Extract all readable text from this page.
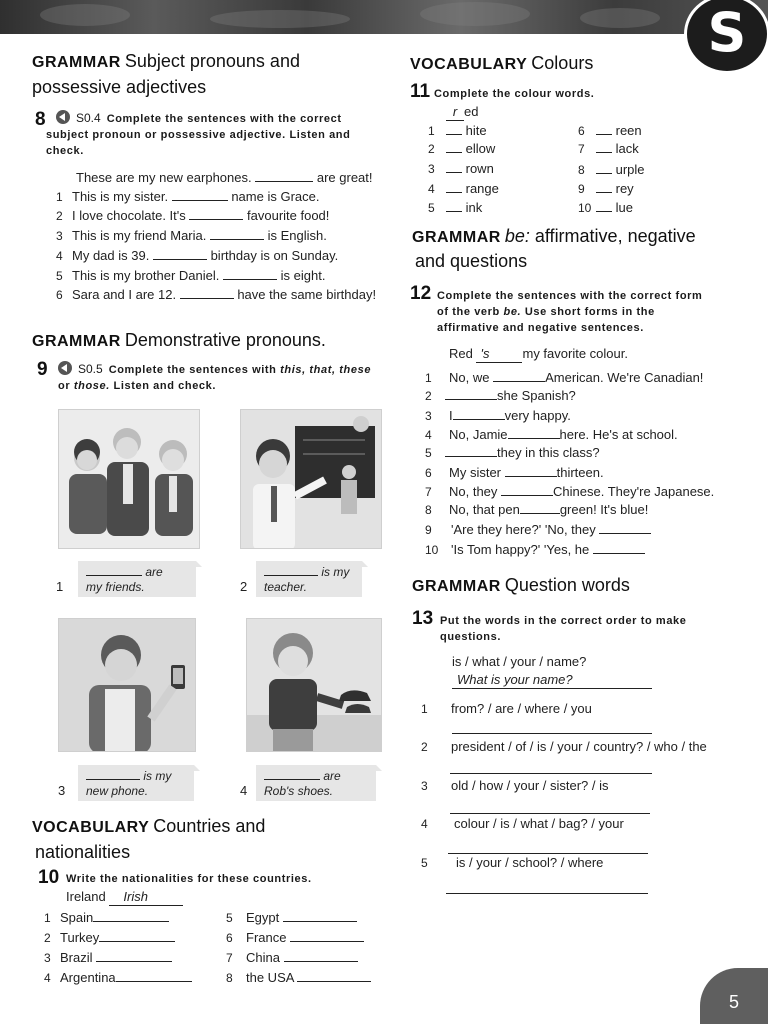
S
GRAMMAR Subject pronouns and
possessive adjectives
8	S0.4 Complete the sentences with the correct subject pronoun or possessive adjective. Listen and check.
These are my new earphones.	are great!
1 This is my sister.	name is Grace.
2 I love chocolate. It's	favourite food!
3 This is my friend Maria.	is English.
4 My dad is 39.	birthday is on Sunday.
5 This is my brother Daniel.	is eight.
6 Sara and I are 12.	have the same birthday!
GRAMMAR Demonstrative pronouns.
9	S0.5 Complete the sentences with this, that, these or those. Listen and check.
are
my friends.
1
is my
teacher.
2
is my
new phone.
3
are
Rob's shoes.
4
VOCABULARY Countries and
nationalities
10 Write the nationalities for these countries.
Ireland Irish
1 Spain
2 Turkey
3 Brazil
4 Argentina
5 Egypt
6 France
7 China
8 the USA
VOCABULARY Colours
11 Complete the colour words.
r ed
1 hite
2 ellow
3 rown
4 range
5 ink
6 reen
7 lack
8 urple
9 rey
10 lue
GRAMMAR be: affirmative, negative
and questions
12 Complete the sentences with the correct form of the verb be. Use short forms in the affirmative and negative sentences.
Red 's	my favorite colour.
1 No, we	American. We're Canadian!
2	she Spanish?
3 I	very happy.
4 No, Jamie	here. He's at school.
5	they in this class?
6 My sister	thirteen.
7 No, they	Chinese. They're Japanese.
8 No, that pen	green! It's blue!
9 'Are they here?' 'No, they
10 'Is Tom happy?' 'Yes, he
GRAMMAR Question words
13 Put the words in the correct order to make questions.
is / what / your / name?
What is your name?
1 from? / are / where / you
2 president / of / is / your / country? / who / the
3 old / how / your / sister? / is
4 colour / is / what / bag? / your
5 is / your / school? / where
5
